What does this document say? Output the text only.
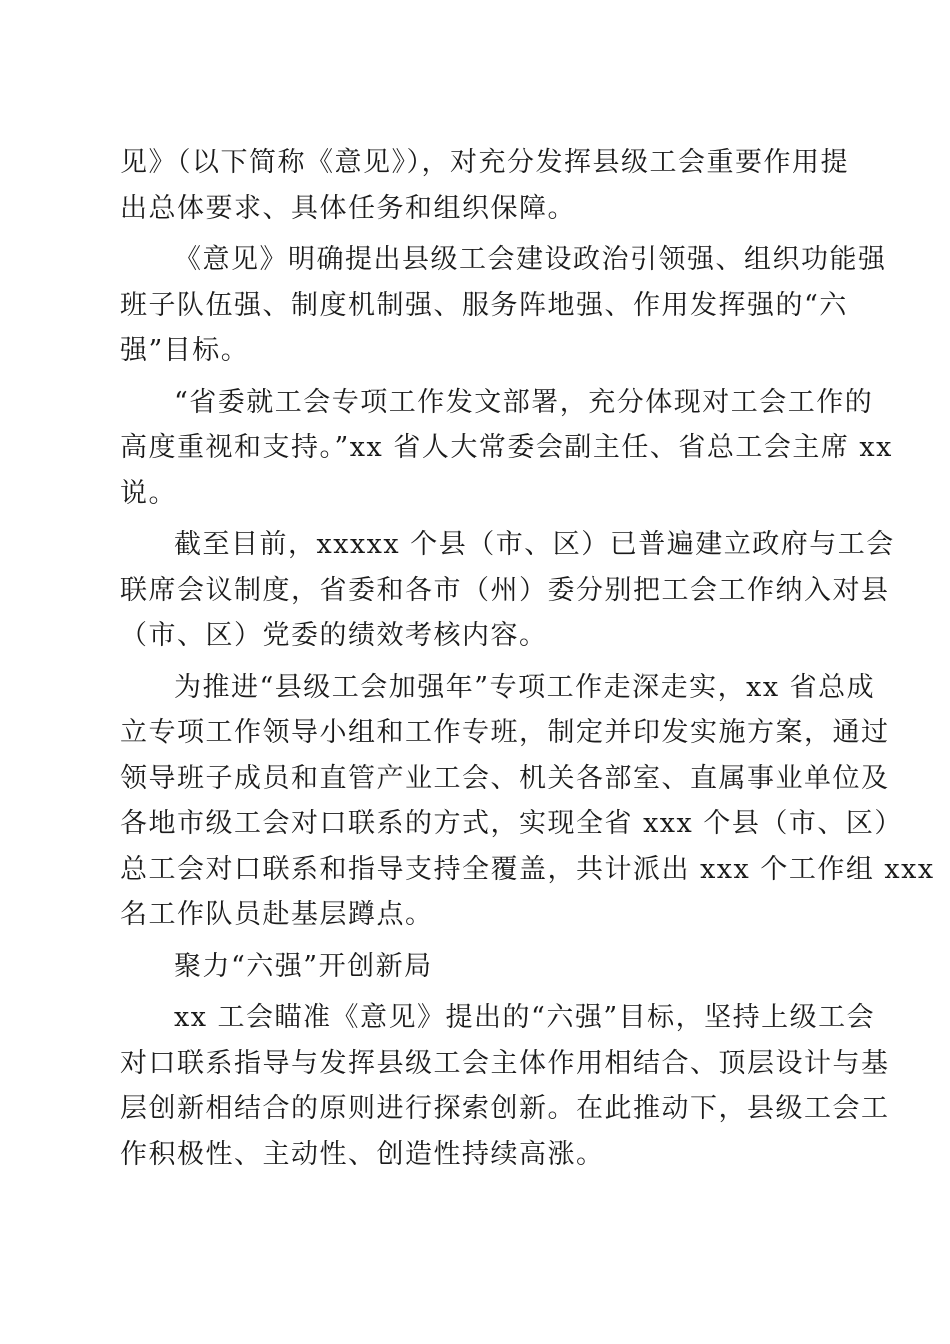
见》（以下简称《意见》），对充分发挥县级工会重要作用提
出总体要求、具体任务和组织保障。
《意见》明确提出县级工会建设政治引领强、组织功能强
班子队伍强、制度机制强、服务阵地强、作用发挥强的“六
强”目标。
“省委就工会专项工作发文部署，充分体现对工会工作的
高度重视和支持。”xx 省人大常委会副主任、省总工会主席 xx
说。
截至目前，xxxxx 个县（市、区）已普遍建立政府与工会
联席会议制度，省委和各市（州）委分别把工会工作纳入对县
（市、区）党委的绩效考核内容。
为推进“县级工会加强年”专项工作走深走实，xx 省总成
立专项工作领导小组和工作专班，制定并印发实施方案，通过
领导班子成员和直管产业工会、机关各部室、直属事业单位及
各地市级工会对口联系的方式，实现全省 xxx 个县（市、区）
总工会对口联系和指导支持全覆盖，共计派出 xxx 个工作组 xxx
名工作队员赴基层蹲点。
聚力“六强”开创新局
xx 工会瞄准《意见》提出的“六强”目标，坚持上级工会
对口联系指导与发挥县级工会主体作用相结合、顶层设计与基
层创新相结合的原则进行探索创新。在此推动下，县级工会工
作积极性、主动性、创造性持续高涨。
